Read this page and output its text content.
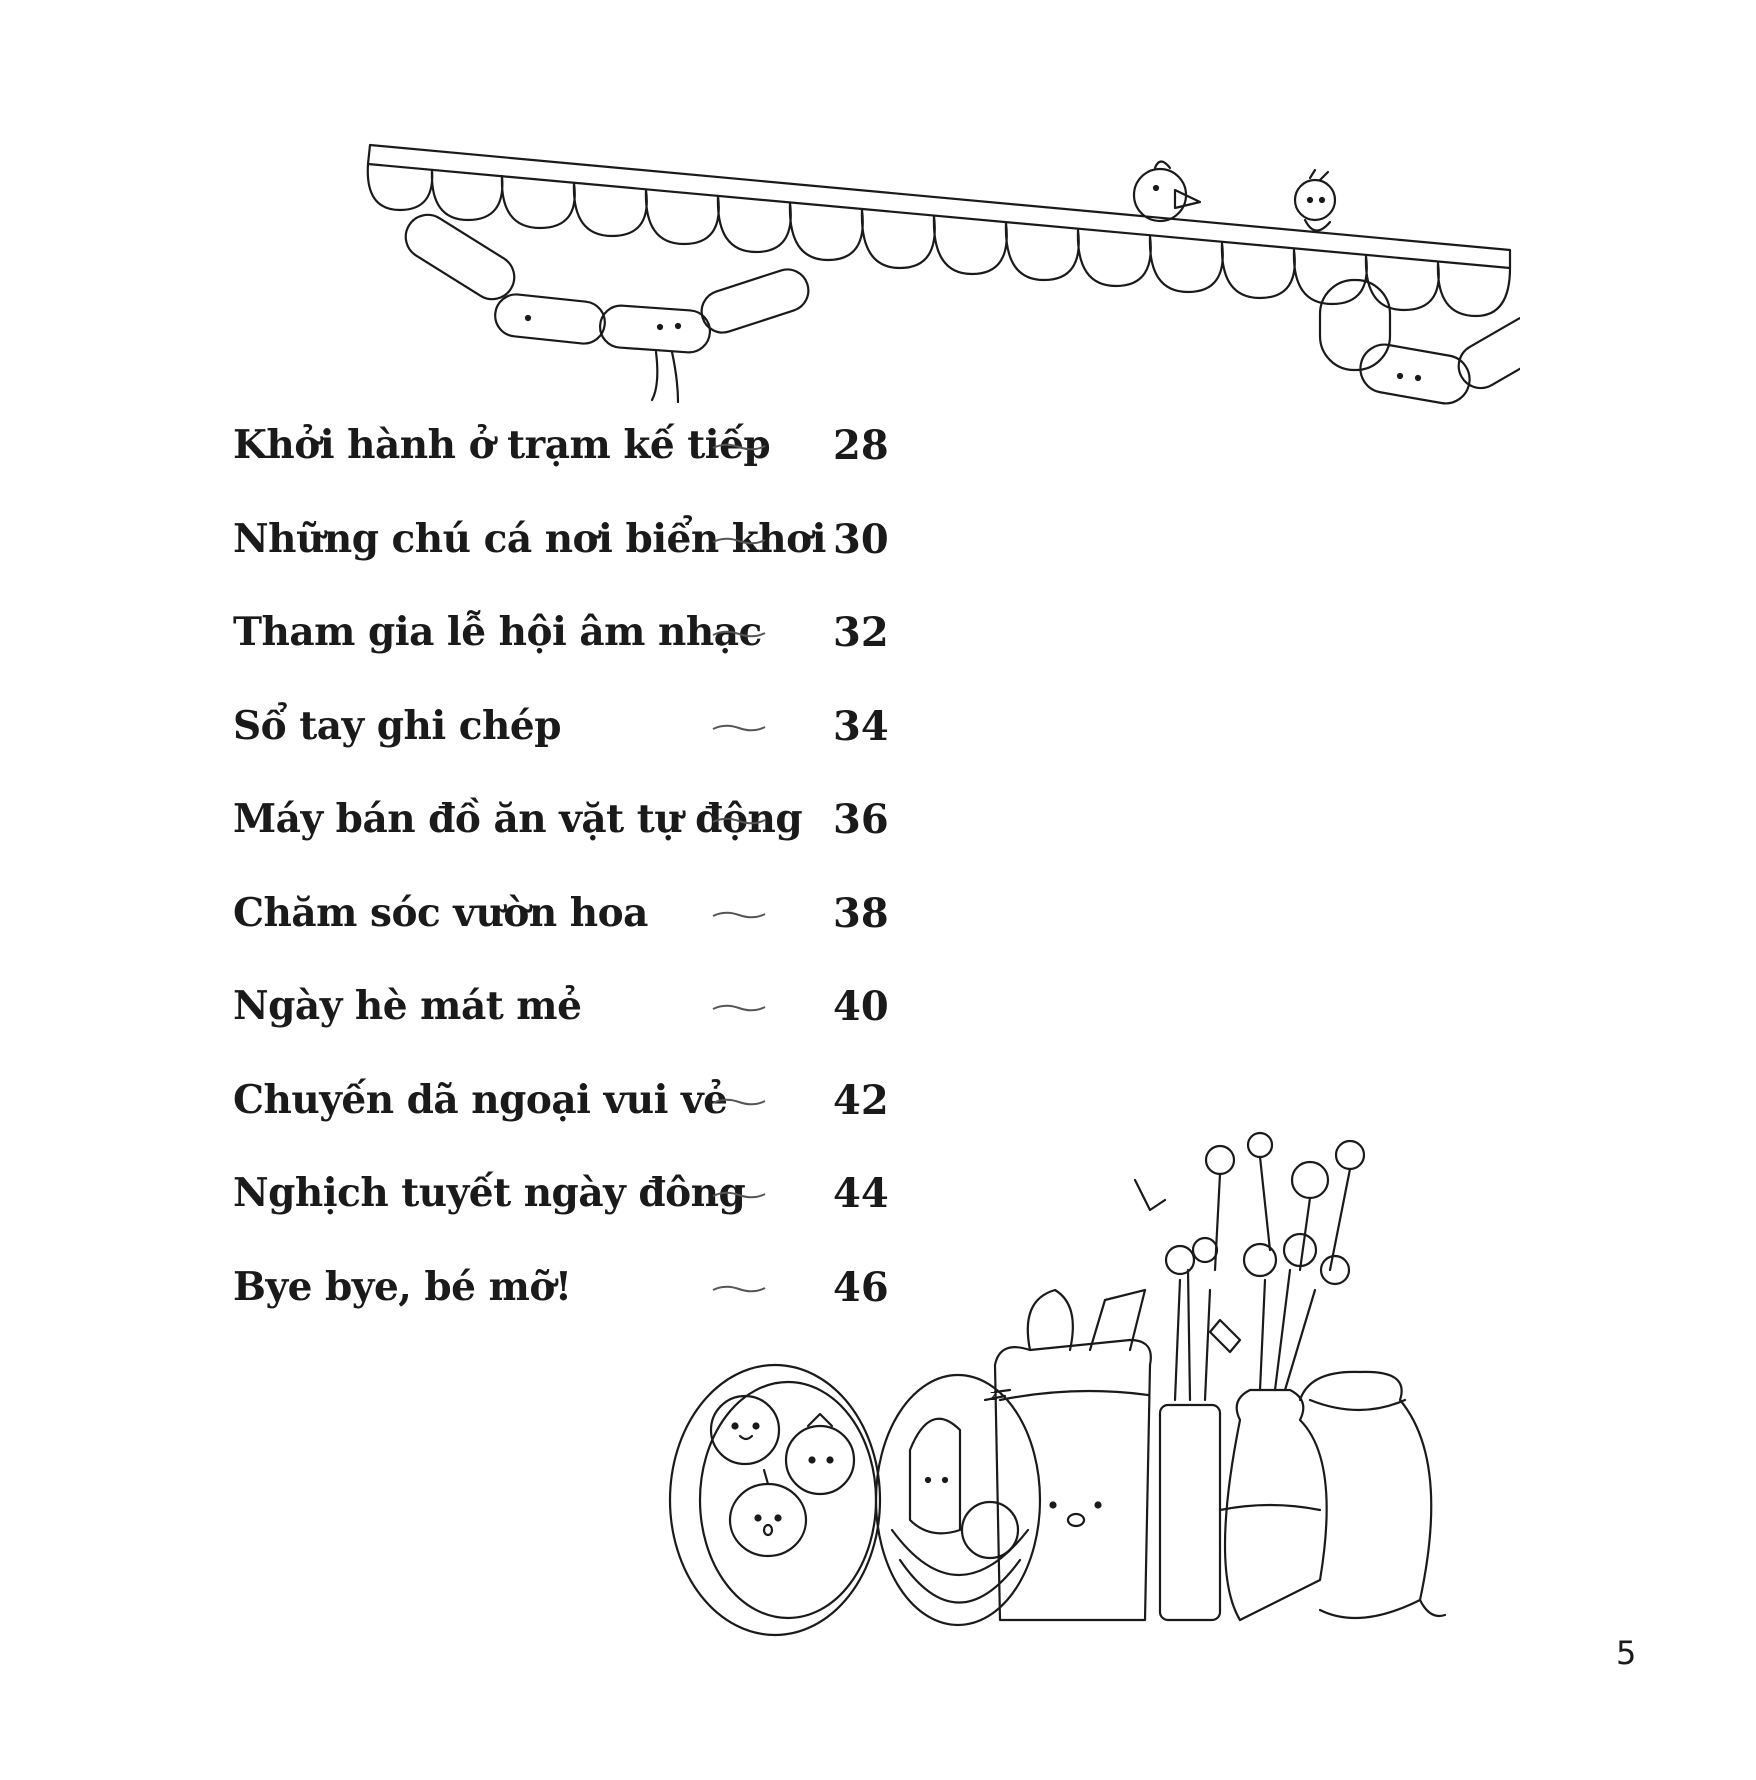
Khởi hành ở trạm kế tiếp 28
Những chú cá nơi biển khơi 30
Tham gia lễ hội âm nhạc 32
Sổ tay ghi chép	34
Máy bán đồ ăn vặt tự động 36
Chăm sóc vườn hoa	38
Ngày hè mát mẻ	40
Chuyến dã ngoại vui vẻ	42
Nghịch tuyết ngày đông 44
Bye bye, bé mỡ!	46
z
5
